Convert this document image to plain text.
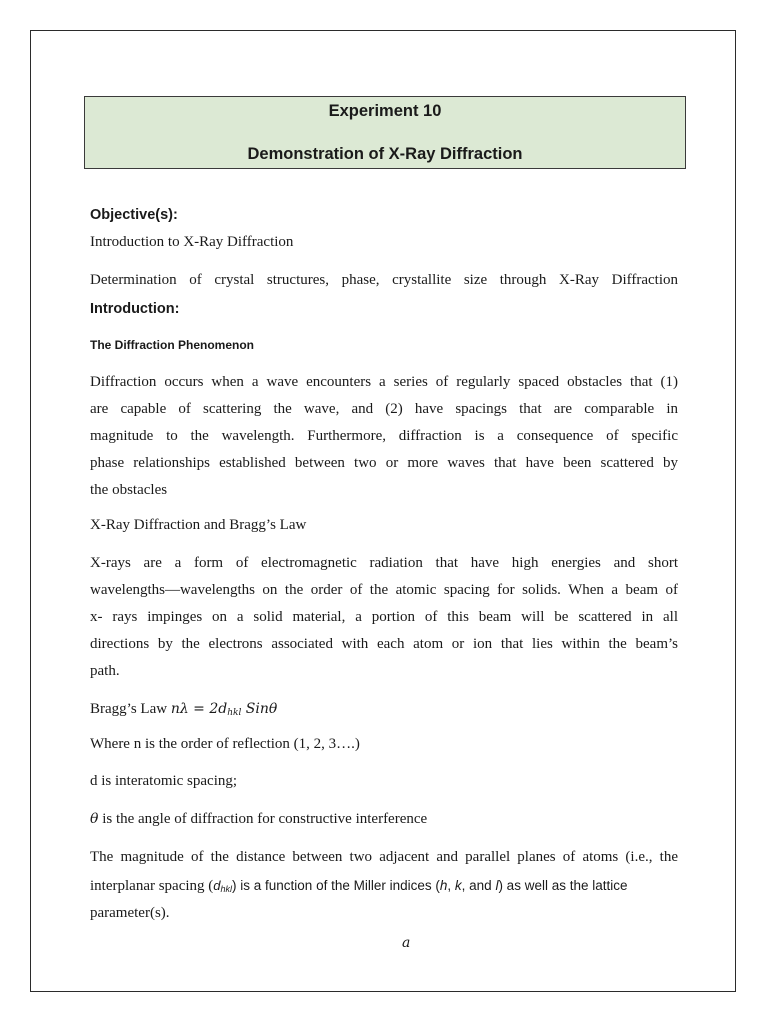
Experiment 10
Demonstration of X-Ray Diffraction
Objective(s):
Introduction to X-Ray Diffraction
Determination of crystal structures, phase, crystallite size through X-Ray Diffraction
Introduction:
The Diffraction Phenomenon
Diffraction occurs when a wave encounters a series of regularly spaced obstacles that (1)
are capable of scattering the wave, and (2) have spacings that are comparable in
magnitude to the wavelength. Furthermore, diffraction is a consequence of specific
phase relationships established between two or more waves that have been scattered by
the obstacles
X-Ray Diffraction and Bragg’s Law
X-rays are a form of electromagnetic radiation that have high energies and short
wavelengths—wavelengths on the order of the atomic spacing for solids. When a beam of
x- rays impinges on a solid material, a portion of this beam will be scattered in all
directions by the electrons associated with each atom or ion that lies within the beam’s
path.
Bragg’s Law $n\lambda = 2d_{hkl}$ Sinθ
Where n is the order of reflection (1, 2, 3….)
d is interatomic spacing;
θ is the angle of diffraction for constructive interference
The magnitude of the distance between two adjacent and parallel planes of atoms (i.e., the
interplanar spacing $(d_{hkl})$ is a function of the Miller indices (h, k, and l) as well as the lattice
parameter(s).
a
